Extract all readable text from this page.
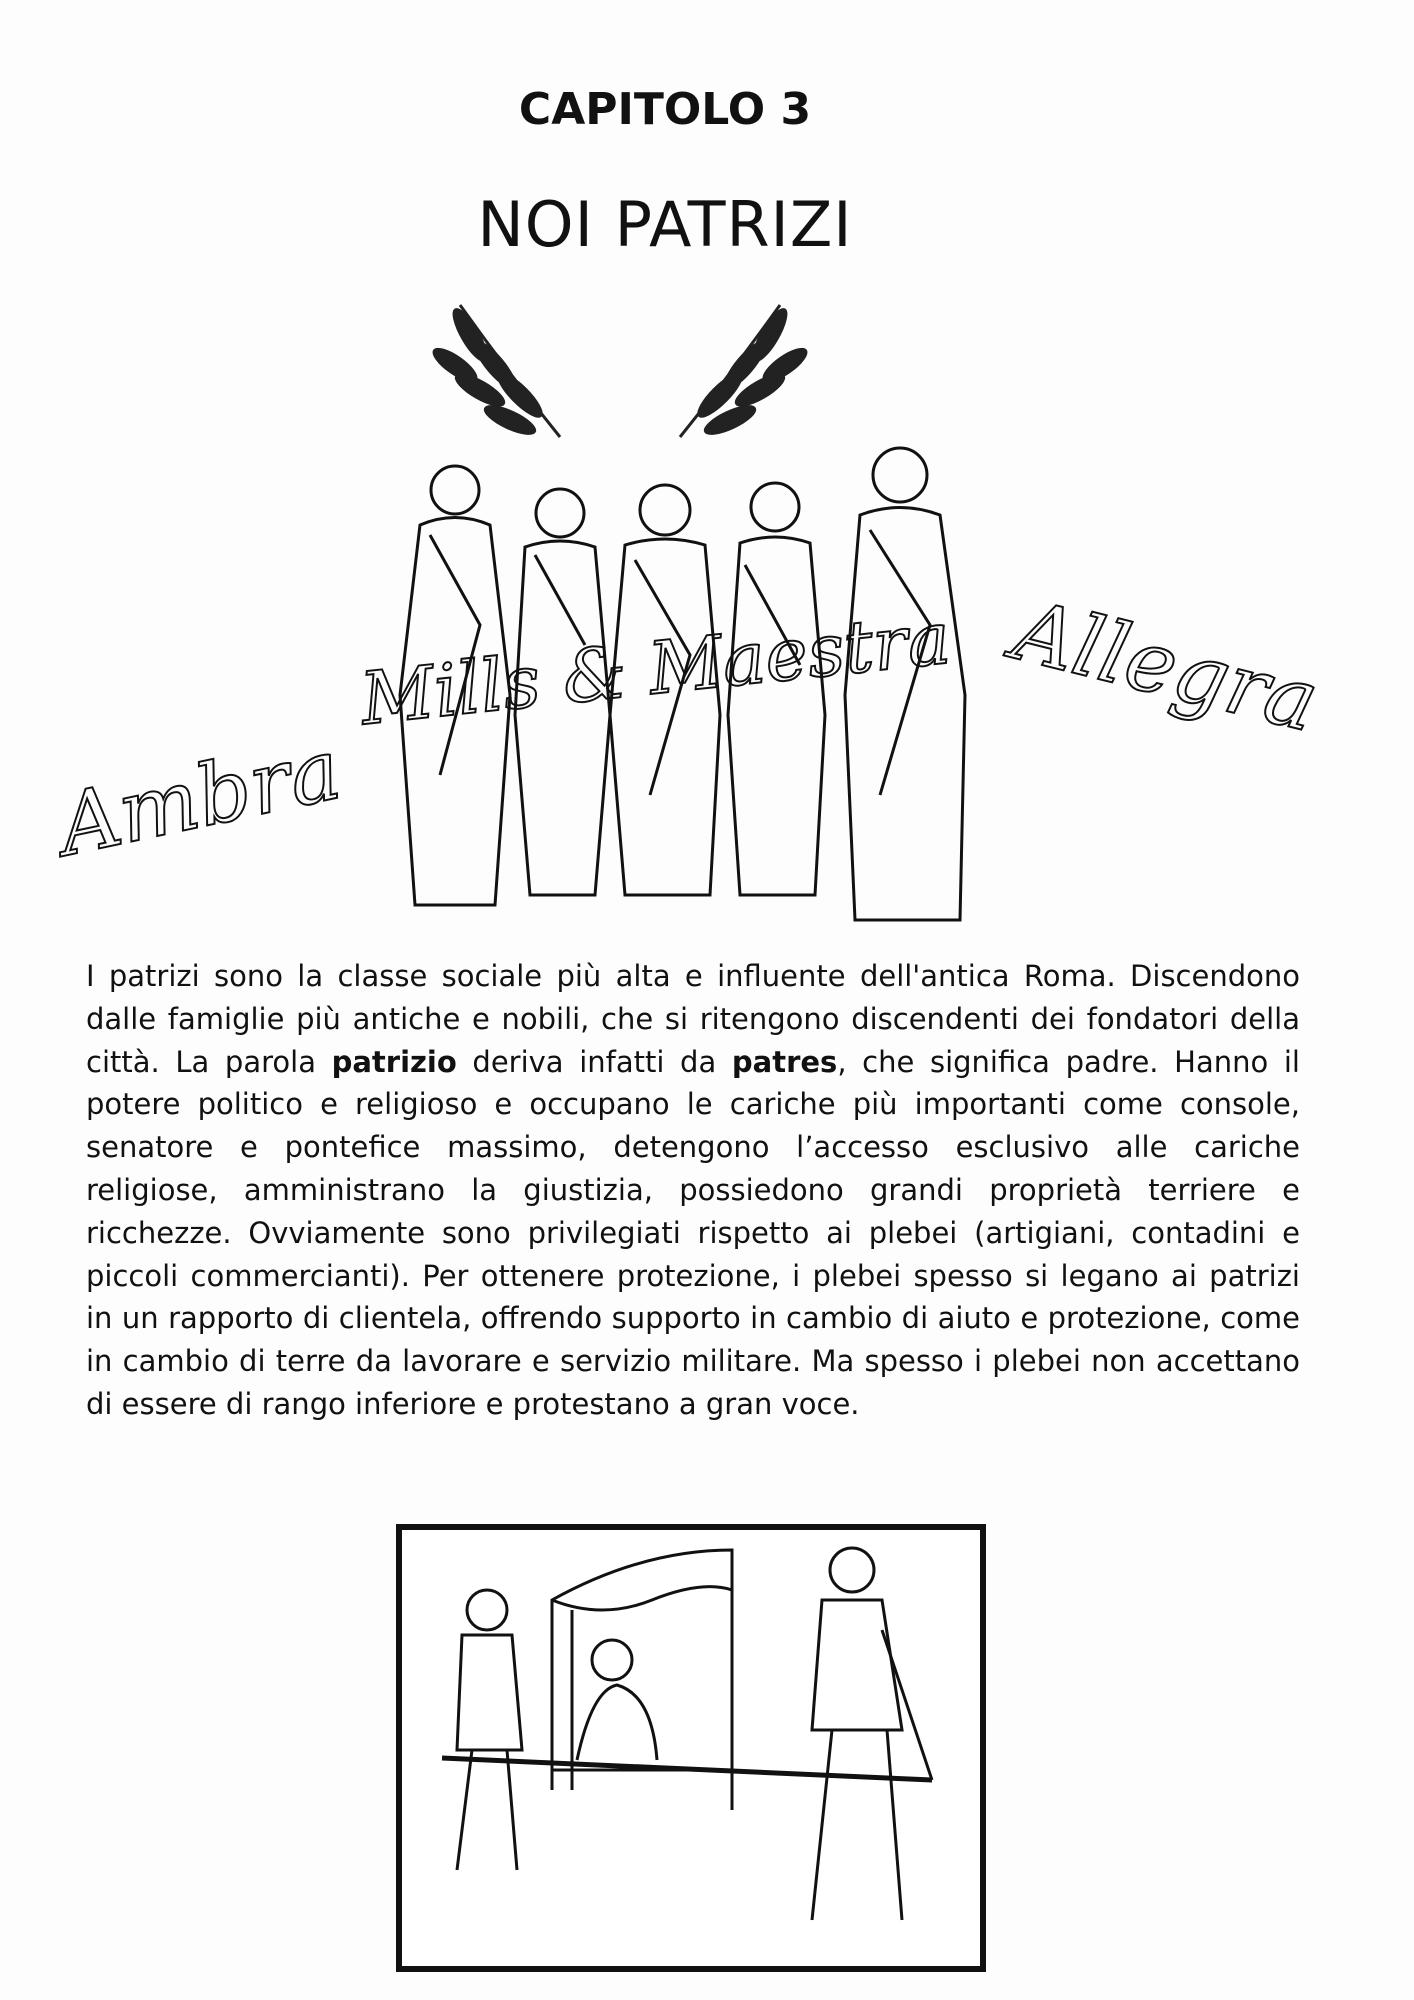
CAPITOLO 3
NOI PATRIZI
Ambra
Mills & Maestra Allegra
I patrizi sono la classe sociale più alta e influente dell'antica Roma. Discendono dalle famiglie più antiche e nobili, che si ritengono discendenti dei fondatori della città. La parola patrizio deriva infatti da patres, che significa padre. Hanno il potere politico e religioso e occupano le cariche più importanti come console, senatore e pontefice massimo, detengono l’accesso esclusivo alle cariche religiose, amministrano la giustizia, possiedono grandi proprietà terriere e ricchezze. Ovviamente sono privilegiati rispetto ai plebei (artigiani, contadini e piccoli commercianti). Per ottenere protezione, i plebei spesso si legano ai patrizi in un rapporto di clientela, offrendo supporto in cambio di aiuto e protezione, come in cambio di terre da lavorare e servizio militare. Ma spesso i plebei non accettano di essere di rango inferiore e protestano a gran voce.
